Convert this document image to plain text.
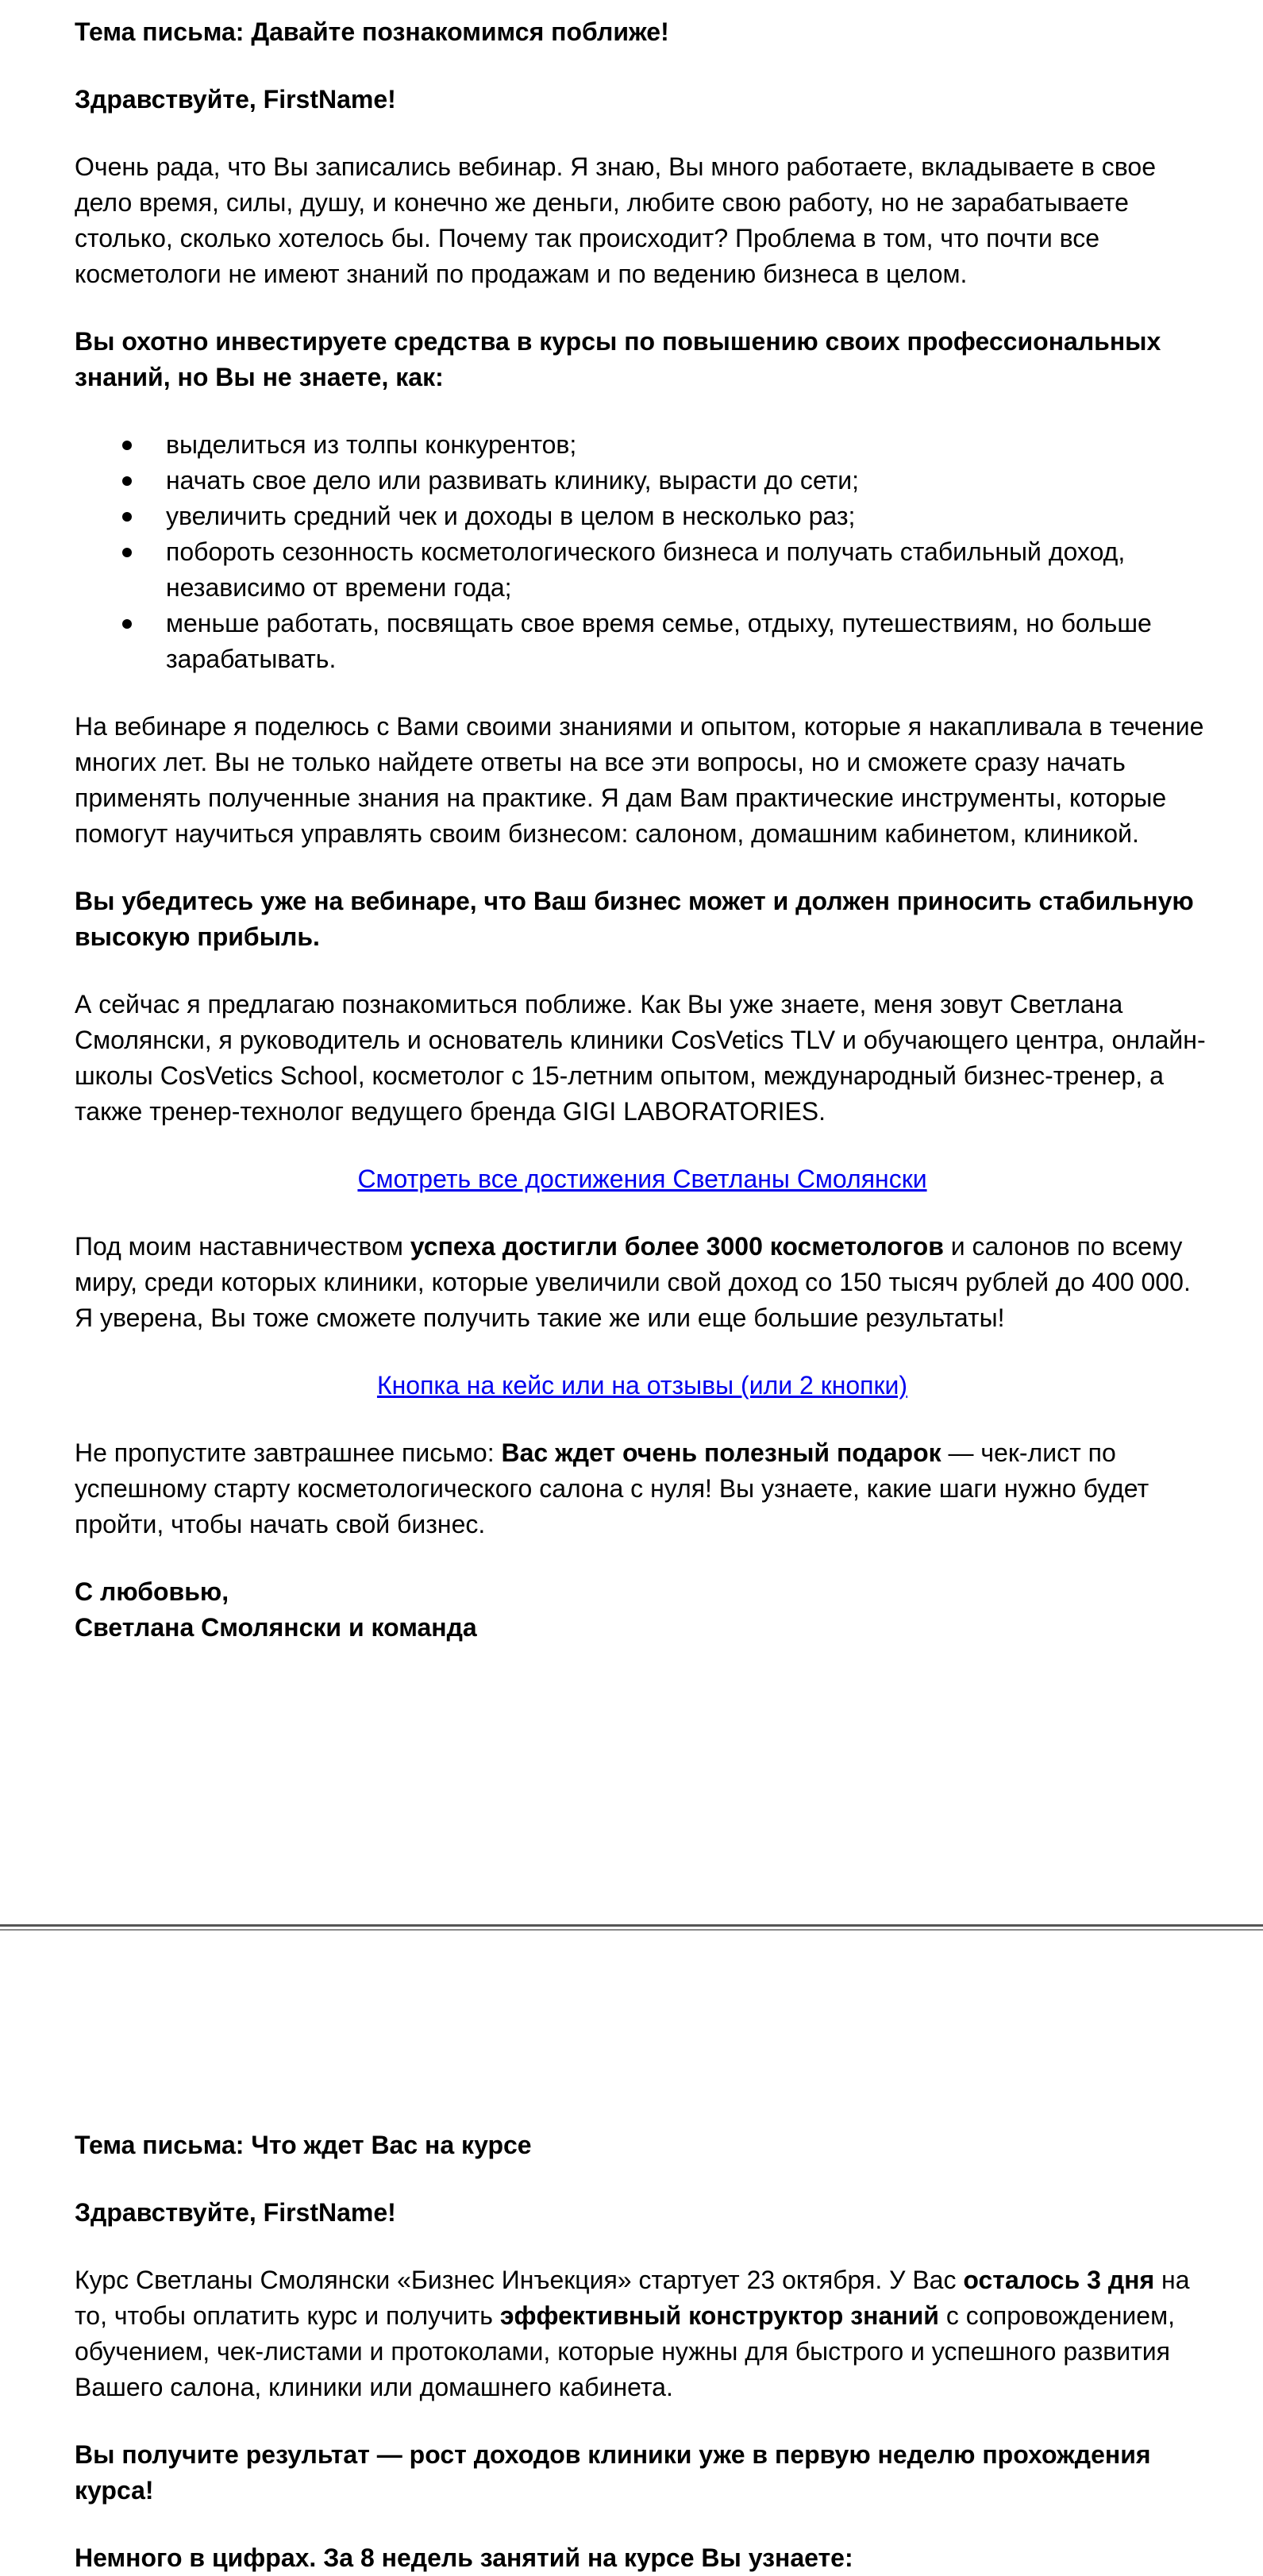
Тема письма: Давайте познакомимся поближе!

Здравствуйте, FirstName!

Очень рада, что Вы записались вебинар. Я знаю, Вы много работаете, вкладываете в свое дело время, силы, душу, и конечно же деньги, любите свою работу, но не зарабатываете столько, сколько хотелось бы. Почему так происходит? Проблема в том, что почти все косметологи не имеют знаний по продажам и по ведению бизнеса в целом.

Вы охотно инвестируете средства в курсы по повышению своих профессиональных знаний, но Вы не знаете, как:

выделиться из толпы конкурентов;
начать свое дело или развивать клинику, вырасти до сети;
увеличить средний чек и доходы в целом в несколько раз;
побороть сезонность косметологического бизнеса и получать стабильный доход, независимо от времени года;
меньше работать, посвящать свое время семье, отдыху, путешествиям, но больше зарабатывать.

На вебинаре я поделюсь с Вами своими знаниями и опытом, которые я накапливала в течение многих лет. Вы не только найдете ответы на все эти вопросы, но и сможете сразу начать применять полученные знания на практике. Я дам Вам практические инструменты, которые помогут научиться управлять своим бизнесом: салоном, домашним кабинетом, клиникой.

Вы убедитесь уже на вебинаре, что Ваш бизнес может и должен приносить стабильную высокую прибыль.

А сейчас я предлагаю познакомиться поближе. Как Вы уже знаете, меня зовут Светлана Смолянски, я руководитель и основатель клиники CosVetics TLV и обучающего центра, онлайн-школы CosVetics School, косметолог с 15-летним опытом, международный бизнес-тренер, а также тренер-технолог ведущего бренда GIGI LABORATORIES.

Смотреть все достижения Светланы Смолянски

Под моим наставничеством успеха достигли более 3000 косметологов и салонов по всему миру, среди которых клиники, которые увеличили свой доход со 150 тысяч рублей до 400 000. Я уверена, Вы тоже сможете получить такие же или еще большие результаты!

Кнопка на кейс или на отзывы (или 2 кнопки)

Не пропустите завтрашнее письмо: Вас ждет очень полезный подарок — чек-лист по успешному старту косметологического салона с нуля! Вы узнаете, какие шаги нужно будет пройти, чтобы начать свой бизнес.

С любовью,

Светлана Смолянски и команда

Тема письма: Что ждет Вас на курсе

Здравствуйте, FirstName!

Курс Светланы Смолянски «Бизнес Инъекция» стартует 23 октября. У Вас осталось 3 дня на то, чтобы оплатить курс и получить эффективный конструктор знаний с сопровождением, обучением, чек-листами и протоколами, которые нужны для быстрого и успешного развития Вашего салона, клиники или домашнего кабинета.

Вы получите результат — рост доходов клиники уже в первую неделю прохождения курса!

Немного в цифрах. За 8 недель занятий на курсе Вы узнаете:
